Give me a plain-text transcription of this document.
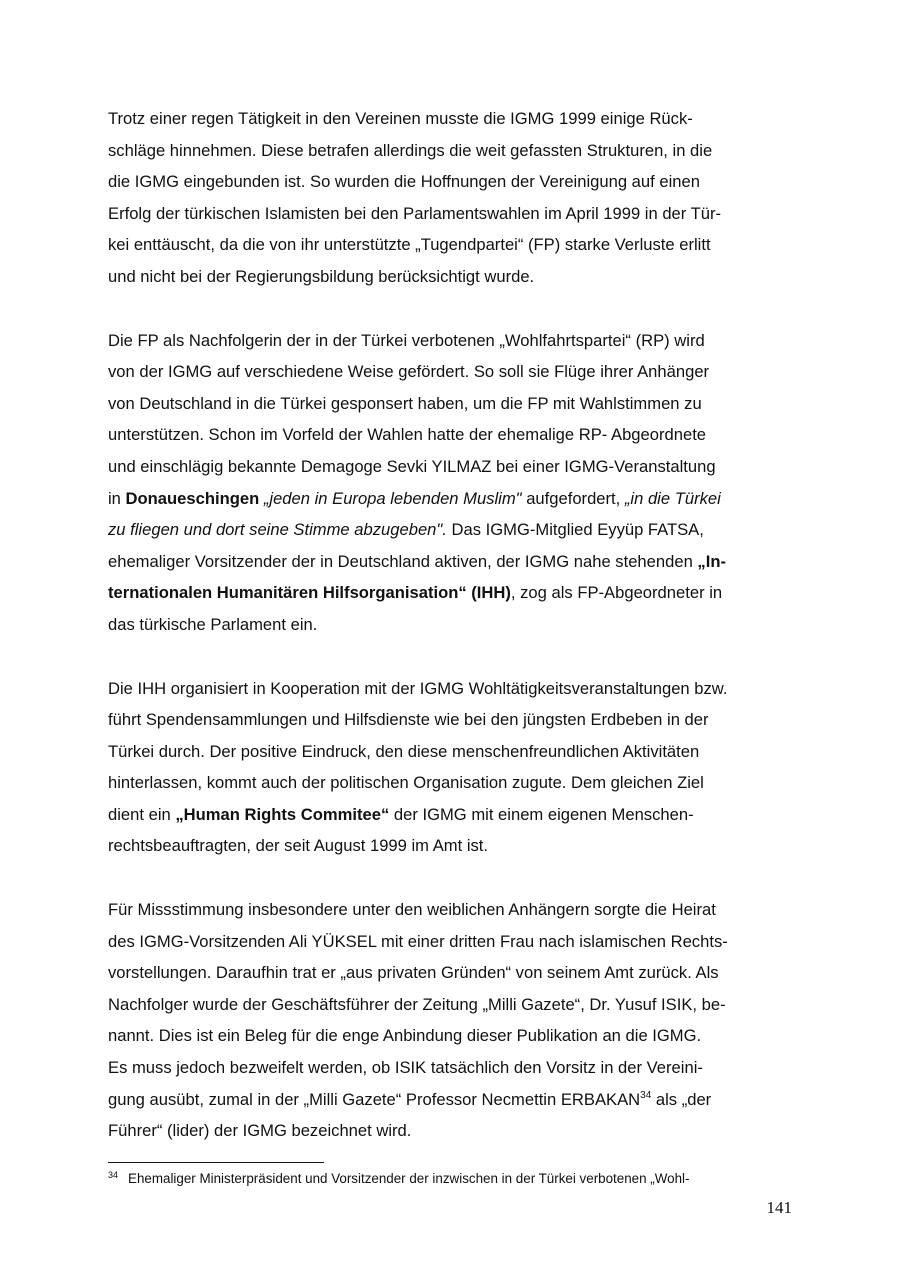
Trotz einer regen Tätigkeit in den Vereinen musste die IGMG 1999 einige Rück-
schläge hinnehmen. Diese betrafen allerdings die weit gefassten Strukturen, in die
die IGMG eingebunden ist. So wurden die Hoffnungen der Vereinigung auf einen
Erfolg der türkischen Islamisten bei den Parlamentswahlen im April 1999 in der Tür-
kei enttäuscht, da die von ihr unterstützte „Tugendpartei“ (FP) starke Verluste erlitt
und nicht bei der Regierungsbildung berücksichtigt wurde.

Die FP als Nachfolgerin der in der Türkei verbotenen „Wohlfahrtspartei“ (RP) wird
von der IGMG auf verschiedene Weise gefördert. So soll sie Flüge ihrer Anhänger
von Deutschland in die Türkei gesponsert haben, um die FP mit Wahlstimmen zu
unterstützen. Schon im Vorfeld der Wahlen hatte der ehemalige RP- Abgeordnete
und einschlägig bekannte Demagoge Sevki YILMAZ bei einer IGMG-Veranstaltung
in Donaueschingen „jeden in Europa lebenden Muslim" aufgefordert, „in die Türkei
zu fliegen und dort seine Stimme abzugeben". Das IGMG-Mitglied Eyyüp FATSA,
ehemaliger Vorsitzender der in Deutschland aktiven, der IGMG nahe stehenden „In-
ternationalen Humanitären Hilfsorganisation“ (IHH), zog als FP-Abgeordneter in
das türkische Parlament ein.

Die IHH organisiert in Kooperation mit der IGMG Wohltätigkeitsveranstaltungen bzw.
führt Spendensammlungen und Hilfsdienste wie bei den jüngsten Erdbeben in der
Türkei durch. Der positive Eindruck, den diese menschenfreundlichen Aktivitäten
hinterlassen, kommt auch der politischen Organisation zugute. Dem gleichen Ziel
dient ein „Human Rights Commitee“ der IGMG mit einem eigenen Menschen-
rechtsbeauftragten, der seit August 1999 im Amt ist.

Für Missstimmung insbesondere unter den weiblichen Anhängern sorgte die Heirat
des IGMG-Vorsitzenden Ali YÜKSEL mit einer dritten Frau nach islamischen Rechts-
vorstellungen. Daraufhin trat er „aus privaten Gründen“ von seinem Amt zurück. Als
Nachfolger wurde der Geschäftsführer der Zeitung „Milli Gazete“, Dr. Yusuf ISIK, be-
nannt. Dies ist ein Beleg für die enge Anbindung dieser Publikation an die IGMG.
Es muss jedoch bezweifelt werden, ob ISIK tatsächlich den Vorsitz in der Vereini-
gung ausübt, zumal in der „Milli Gazete“ Professor Necmettin ERBAKAN$^{34}$ als „der
Führer“ (lider) der IGMG bezeichnet wird.

$^{34}$ Ehemaliger Ministerpräsident und Vorsitzender der inzwischen in der Türkei verbotenen „Wohl-
141
